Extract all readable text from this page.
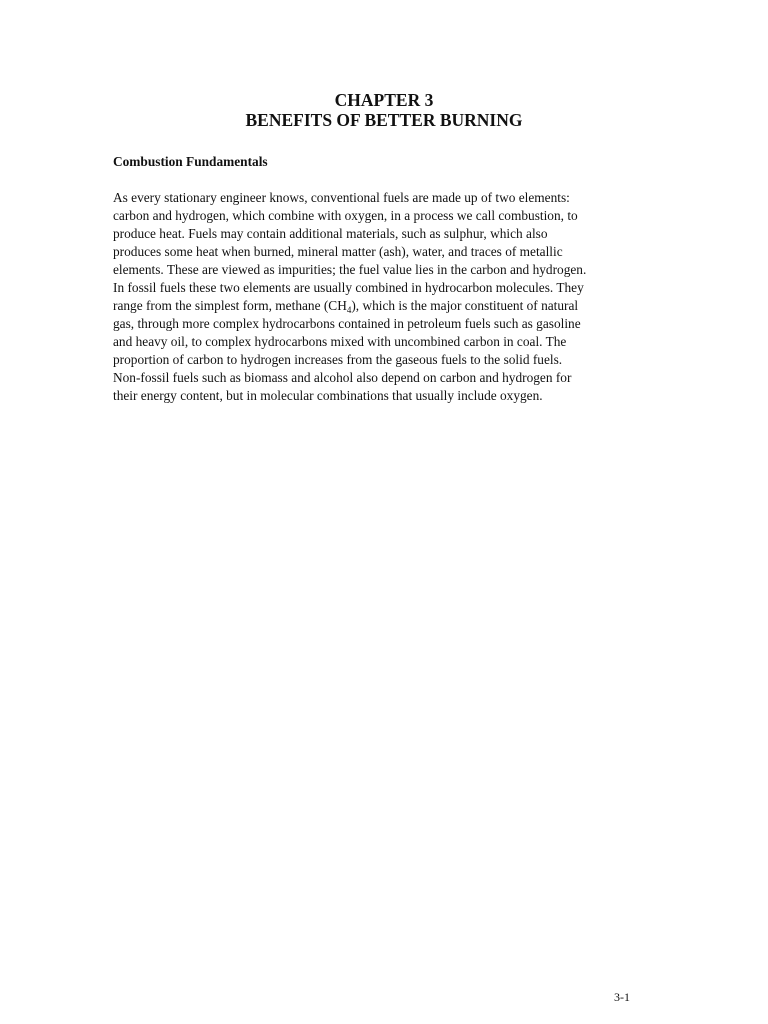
CHAPTER 3
BENEFITS OF BETTER BURNING
Combustion Fundamentals
As every stationary engineer knows, conventional fuels are made up of two elements:
carbon and hydrogen, which combine with oxygen, in a process we call combustion, to
produce heat. Fuels may contain additional materials, such as sulphur, which also
produces some heat when burned, mineral matter (ash), water, and traces of metallic
elements. These are viewed as impurities; the fuel value lies in the carbon and hydrogen.
In fossil fuels these two elements are usually combined in hydrocarbon molecules. They
range from the simplest form, methane $(CH_4)$, which is the major constituent of natural
gas, through more complex hydrocarbons contained in petroleum fuels such as gasoline
and heavy oil, to complex hydrocarbons mixed with uncombined carbon in coal. The
proportion of carbon to hydrogen increases from the gaseous fuels to the solid fuels.
Non-fossil fuels such as biomass and alcohol also depend on carbon and hydrogen for
their energy content, but in molecular combinations that usually include oxygen.
3-1
